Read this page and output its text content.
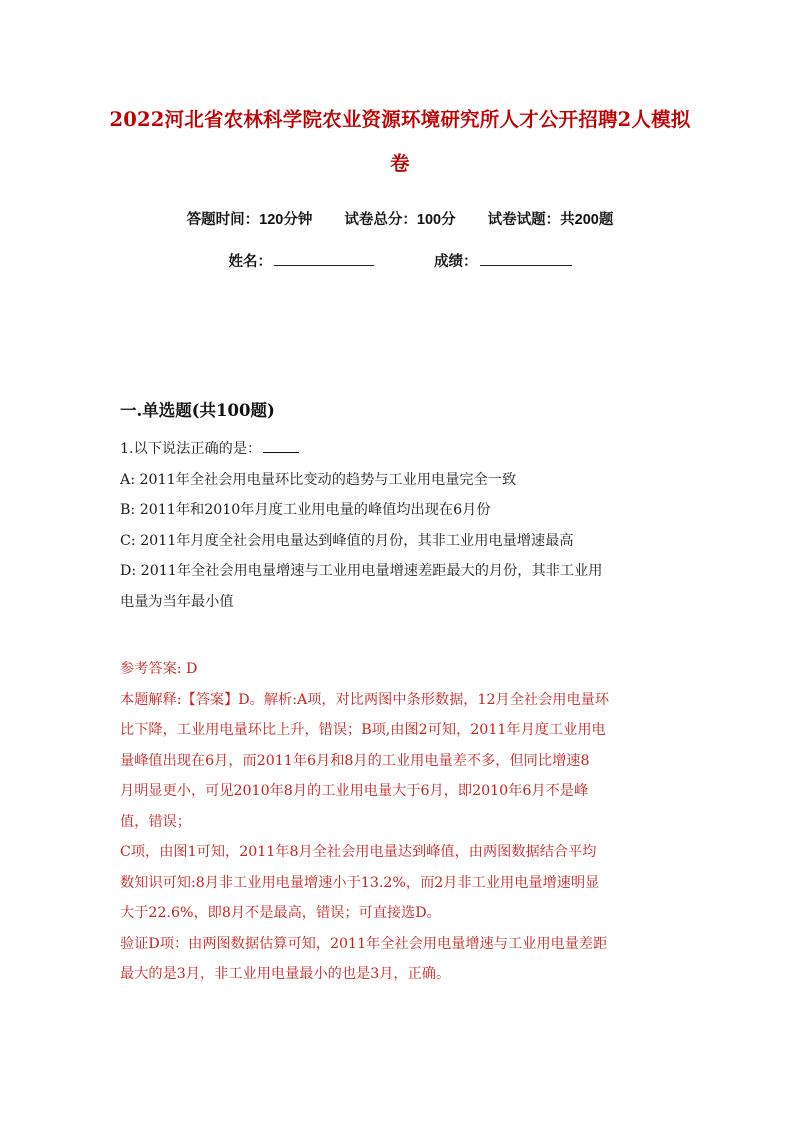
2022河北省农林科学院农业资源环境研究所人才公开招聘2人模拟
卷
答题时间：120分钟 试卷总分：100分 试卷试题：共200题
姓名：	成绩：
一.单选题(共100题)

1.以下说法正确的是：

A: 2011年全社会用电量环比变动的趋势与工业用电量完全一致

B: 2011年和2010年月度工业用电量的峰值均出现在6月份

C: 2011年月度全社会用电量达到峰值的月份，其非工业用电量增速最高

D: 2011年全社会用电量增速与工业用电量增速差距最大的月份，其非工业用

电量为当年最小值

参考答案: D

本题解释:【答案】D。解析:A项，对比两图中条形数据，12月全社会用电量环

比下降，工业用电量环比上升，错误；B项,由图2可知，2011年月度工业用电

量峰值出现在6月，而2011年6月和8月的工业用电量差不多，但同比增速8

月明显更小，可见2010年8月的工业用电量大于6月，即2010年6月不是峰

值，错误；

C项，由图1可知，2011年8月全社会用电量达到峰值，由两图数据结合平均

数知识可知:8月非工业用电量增速小于13.2%，而2月非工业用电量增速明显

大于22.6%，即8月不是最高，错误；可直接选D。

验证D项：由两图数据估算可知，2011年全社会用电量增速与工业用电量差距

最大的是3月，非工业用电量最小的也是3月，正确。
